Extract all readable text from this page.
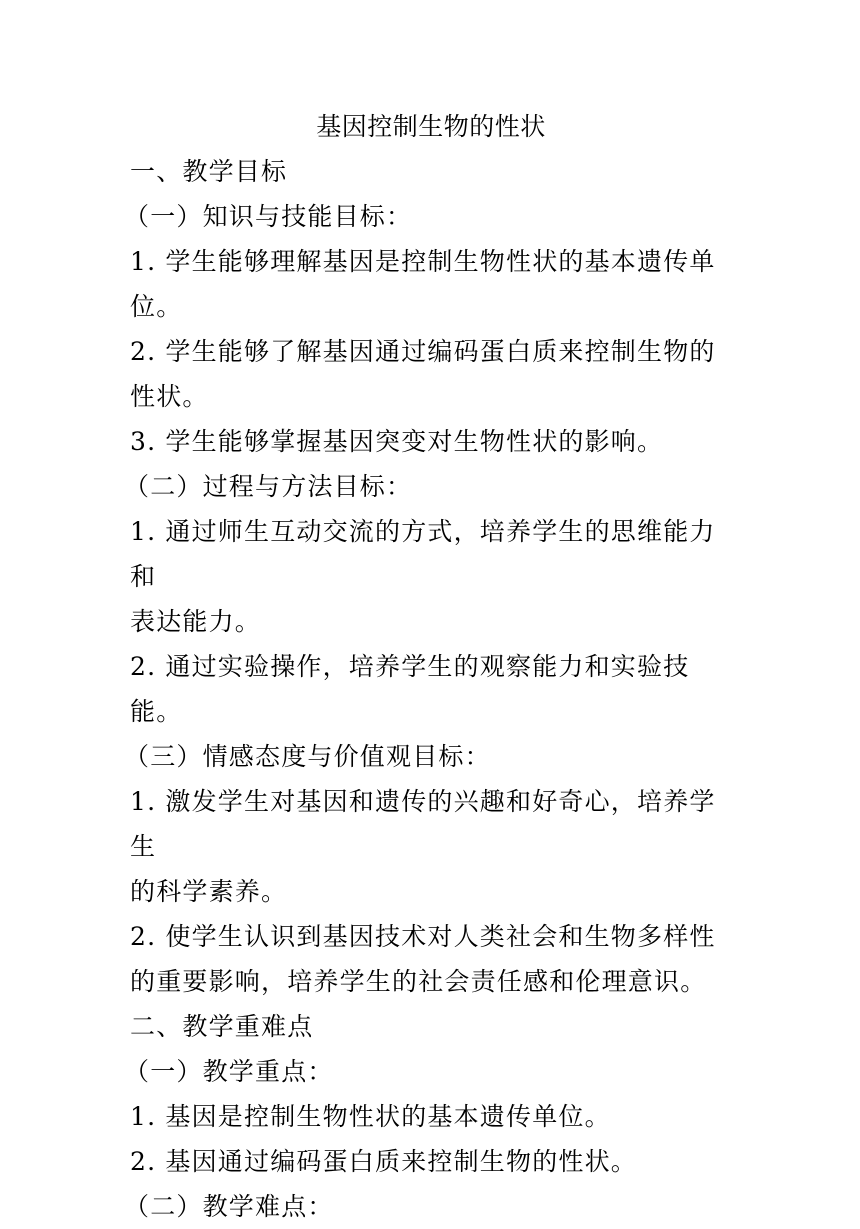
基因控制生物的性状
一、教学目标
（一）知识与技能目标：
1. 学生能够理解基因是控制生物性状的基本遗传单
位。
2. 学生能够了解基因通过编码蛋白质来控制生物的
性状。
3. 学生能够掌握基因突变对生物性状的影响。
（二）过程与方法目标：
1. 通过师生互动交流的方式，培养学生的思维能力和
表达能力。
2. 通过实验操作，培养学生的观察能力和实验技能。
（三）情感态度与价值观目标：
1. 激发学生对基因和遗传的兴趣和好奇心，培养学生
的科学素养。
2. 使学生认识到基因技术对人类社会和生物多样性
的重要影响，培养学生的社会责任感和伦理意识。
二、教学重难点
（一）教学重点：
1. 基因是控制生物性状的基本遗传单位。
2. 基因通过编码蛋白质来控制生物的性状。
（二）教学难点：
